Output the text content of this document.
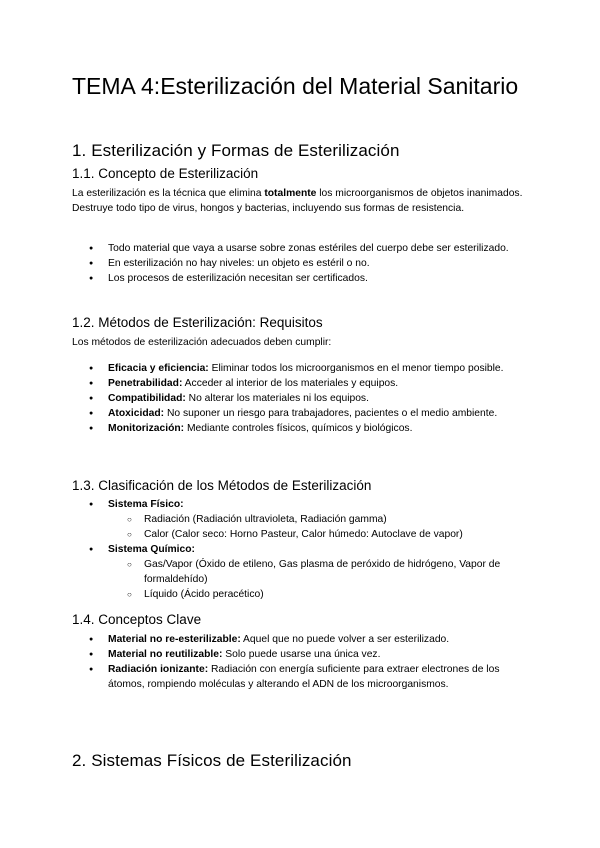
TEMA 4:Esterilización del Material Sanitario
1. Esterilización y Formas de Esterilización
1.1. Concepto de Esterilización

La esterilización es la técnica que elimina totalmente los microorganismos de objetos inanimados. Destruye todo tipo de virus, hongos y bacterias, incluyendo sus formas de resistencia.

● Todo material que vaya a usarse sobre zonas estériles del cuerpo debe ser esterilizado.
● En esterilización no hay niveles: un objeto es estéril o no.
● Los procesos de esterilización necesitan ser certificados.
1.2. Métodos de Esterilización: Requisitos

Los métodos de esterilización adecuados deben cumplir:

● Eficacia y eficiencia: Eliminar todos los microorganismos en el menor tiempo posible.
● Penetrabilidad: Acceder al interior de los materiales y equipos.
● Compatibilidad: No alterar los materiales ni los equipos.
● Atoxicidad: No suponer un riesgo para trabajadores, pacientes o el medio ambiente.
● Monitorización: Mediante controles físicos, químicos y biológicos.
1.3. Clasificación de los Métodos de Esterilización
● Sistema Físico:
○ Radiación (Radiación ultravioleta, Radiación gamma)
○ Calor (Calor seco: Horno Pasteur, Calor húmedo: Autoclave de vapor)
● Sistema Químico:
○ Gas/Vapor (Óxido de etileno, Gas plasma de peróxido de hidrógeno, Vapor de formaldehído)
○ Líquido (Ácido peracético)
1.4. Conceptos Clave
● Material no re-esterilizable: Aquel que no puede volver a ser esterilizado.
● Material no reutilizable: Solo puede usarse una única vez.
● Radiación ionizante: Radiación con energía suficiente para extraer electrones de los átomos, rompiendo moléculas y alterando el ADN de los microorganismos.
2. Sistemas Físicos de Esterilización
